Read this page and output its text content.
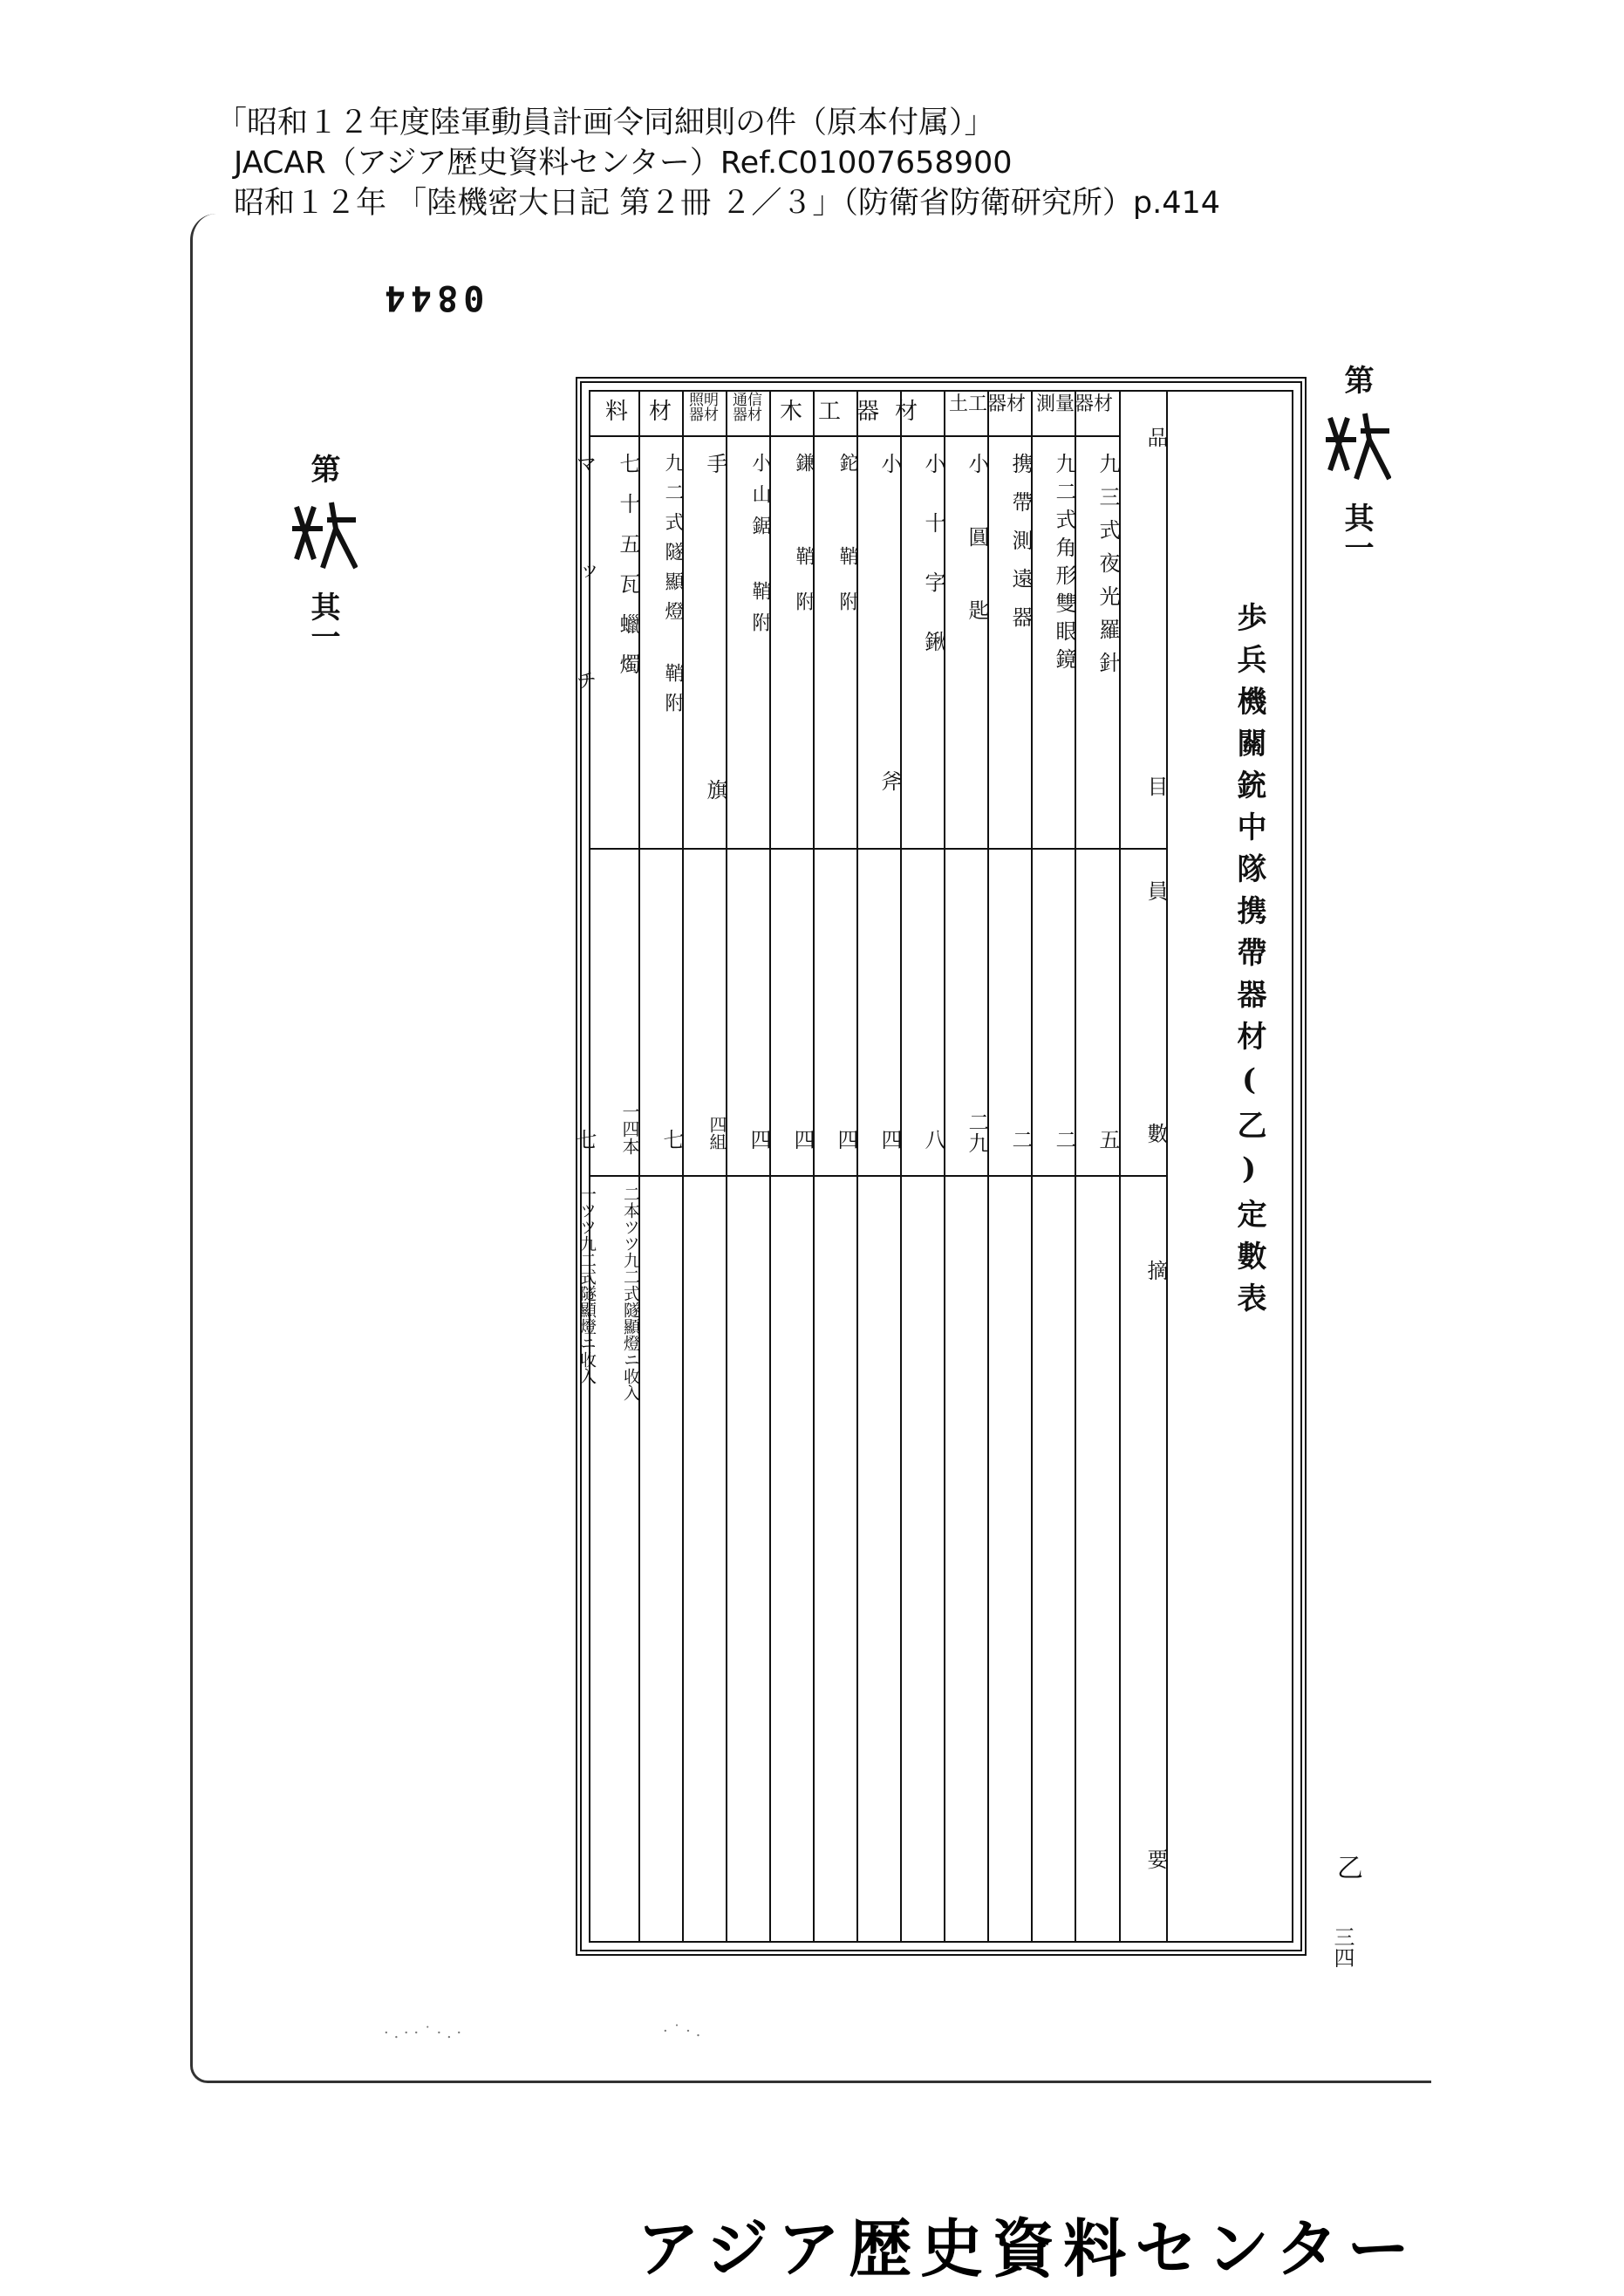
「昭和１２年度陸軍動員計画令同細則の件（原本付属）」
JACAR（アジア歴史資料センター）Ref.C01007658900
昭和１２年 「陸機密大日記 第２冊 ２／３」（防衛省防衛研究所）p.414
0844
第  其一
第  其一
測量器材
土工器材
木工器材
通信器材
照明器材
材
料
品
目
員
數
摘
要
九三式夜光羅針
九二式角形雙眼鏡
携帶測遠器
小圓匙
小十字鍬
小斧
鉈 鞘附
鎌 鞘附
小山鋸 鞘附
手旗
九二式隧顯燈 鞘附
七十五瓦蠟燭
マッチ
五
二
二
二九
八
四
四
四
四
四組
七
一四本
七
二本ツツ九二式隧顯燈ニ收入
一ツツ九二式隧顯燈ニ收入	歩兵機關銃中隊携帶器材(乙)定數表
乙
三四
· . · · ˙ · . ·	· ˙ · .
アジア歴史資料センター
